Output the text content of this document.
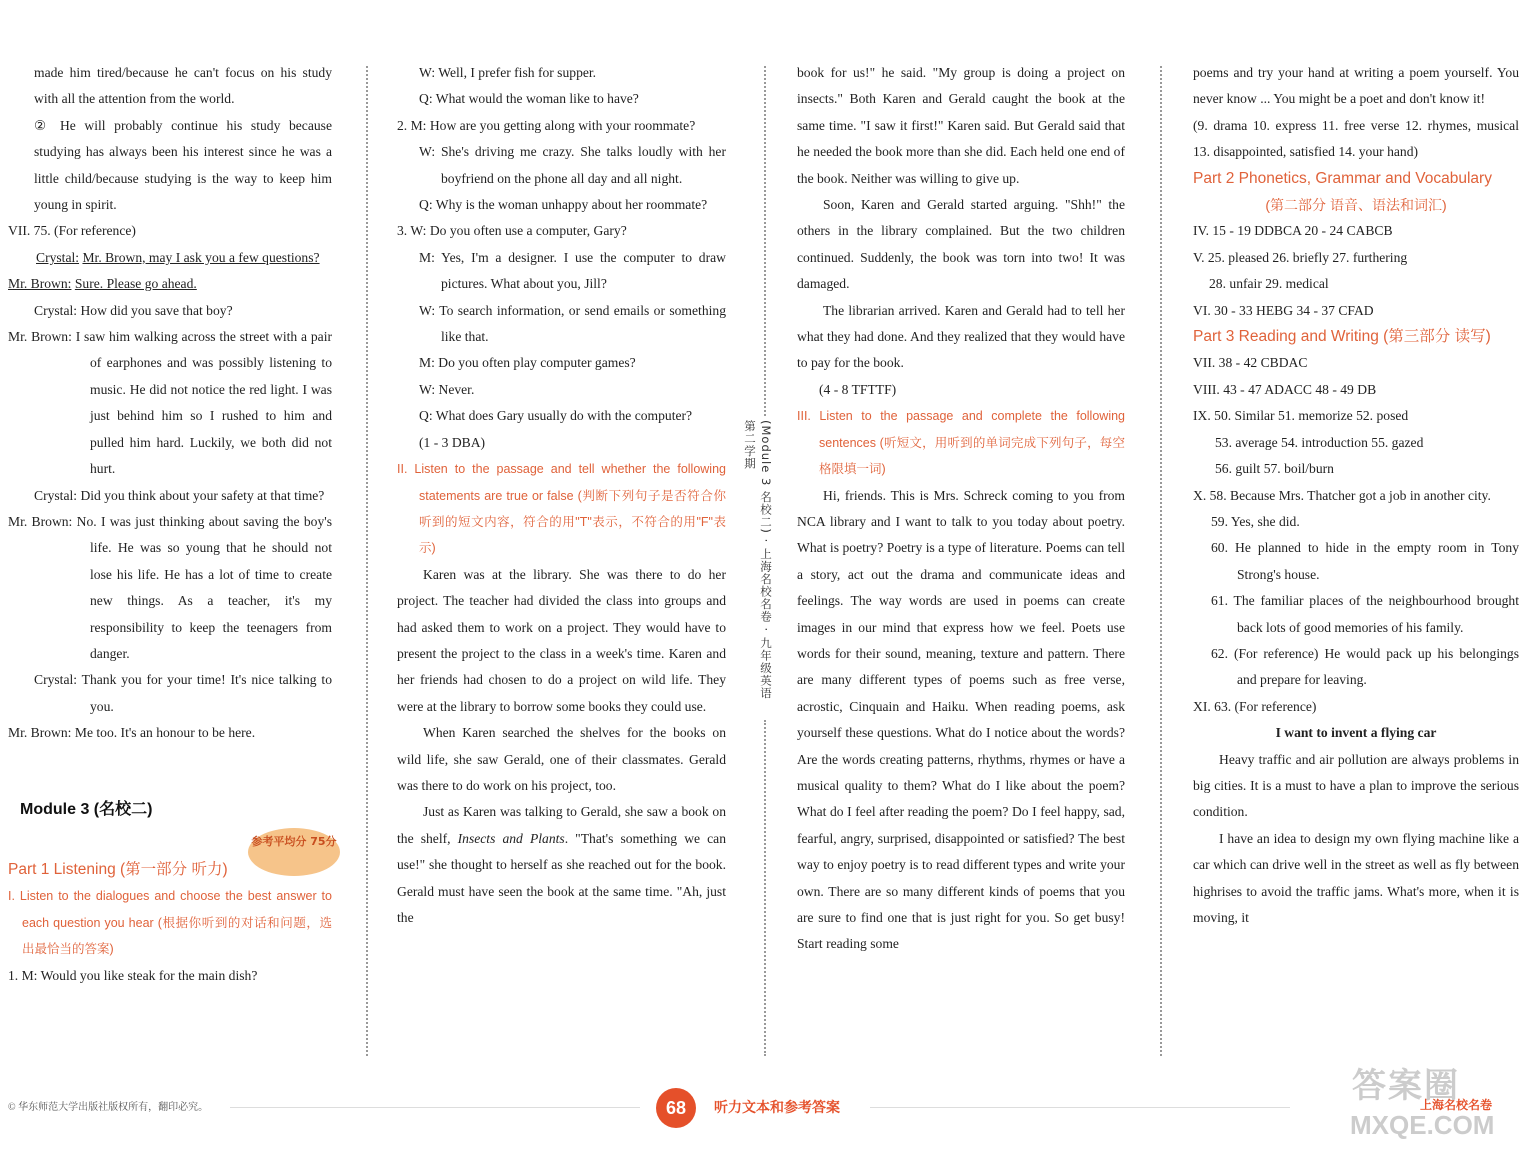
made him tired/because he can't focus on his study with all the attention from the world.

② He will probably continue his study because studying has always been his interest since he was a little child/because studying is the way to keep him young in spirit.

VII. 75. (For reference)

Crystal: Mr. Brown, may I ask you a few questions?

Mr. Brown: Sure. Please go ahead.

Crystal: How did you save that boy?

Mr. Brown: I saw him walking across the street with a pair of earphones and was possibly listening to music. He did not notice the red light. I was just behind him so I rushed to him and pulled him hard. Luckily, we both did not hurt.

Crystal: Did you think about your safety at that time?

Mr. Brown: No. I was just thinking about saving the boy's life. He was so young that he should not lose his life. He has a lot of time to create new things. As a teacher, it's my responsibility to keep the teenagers from danger.

Crystal: Thank you for your time! It's nice talking to you.

Mr. Brown: Me too. It's an honour to be here.

Module 3 (名校二)

Part 1 Listening (第一部分 听力)

I. Listen to the dialogues and choose the best answer to each question you hear (根据你听到的对话和问题，选出最恰当的答案)

1. M: Would you like steak for the main dish?

参考平均分 75分

W: Well, I prefer fish for supper.

Q: What would the woman like to have?

2. M: How are you getting along with your roommate?

W: She's driving me crazy. She talks loudly with her boyfriend on the phone all day and all night.

Q: Why is the woman unhappy about her roommate?

3. W: Do you often use a computer, Gary?

M: Yes, I'm a designer. I use the computer to draw pictures. What about you, Jill?

W: To search information, or send emails or something like that.

M: Do you often play computer games?

W: Never.

Q: What does Gary usually do with the computer?

(1 - 3 DBA)

II. Listen to the passage and tell whether the following statements are true or false (判断下列句子是否符合你听到的短文内容，符合的用"T"表示，不符合的用"F"表示)

Karen was at the library. She was there to do her project. The teacher had divided the class into groups and had asked them to work on a project. They would have to present the project to the class in a week's time. Karen and her friends had chosen to do a project on wild life. They were at the library to borrow some books they could use.

When Karen searched the shelves for the books on wild life, she saw Gerald, one of their classmates. Gerald was there to do work on his project, too.

Just as Karen was talking to Gerald, she saw a book on the shelf, Insects and Plants. "That's something we can use!" she thought to herself as she reached out for the book. Gerald must have seen the book at the same time. "Ah, just the

(Module 3 名校二) · 上海名校名卷 · 九年级英语 第二学期

book for us!" he said. "My group is doing a project on insects." Both Karen and Gerald caught the book at the same time. "I saw it first!" Karen said. But Gerald said that he needed the book more than she did. Each held one end of the book. Neither was willing to give up.

Soon, Karen and Gerald started arguing. "Shh!" the others in the library complained. But the two children continued. Suddenly, the book was torn into two! It was damaged.

The librarian arrived. Karen and Gerald had to tell her what they had done. And they realized that they would have to pay for the book.

(4 - 8 TFTTF)

III. Listen to the passage and complete the following sentences (听短文，用听到的单词完成下列句子，每空格限填一词)

Hi, friends. This is Mrs. Schreck coming to you from NCA library and I want to talk to you today about poetry. What is poetry? Poetry is a type of literature. Poems can tell a story, act out the drama and communicate ideas and feelings. The way words are used in poems can create images in our mind that express how we feel. Poets use words for their sound, meaning, texture and pattern. There are many different types of poems such as free verse, acrostic, Cinquain and Haiku. When reading poems, ask yourself these questions. What do I notice about the words? Are the words creating patterns, rhythms, rhymes or have a musical quality to them? What do I like about the poem? What do I feel after reading the poem? Do I feel happy, sad, fearful, angry, surprised, disappointed or satisfied? The best way to enjoy poetry is to read different types and write your own. There are so many different kinds of poems that you are sure to find one that is just right for you. So get busy! Start reading some

poems and try your hand at writing a poem yourself. You never know ... You might be a poet and don't know it!

(9. drama 10. express 11. free verse 12. rhymes, musical 13. disappointed, satisfied 14. your hand)

Part 2 Phonetics, Grammar and Vocabulary

(第二部分 语音、语法和词汇)

IV. 15 - 19 DDBCA 20 - 24 CABCB

V. 25. pleased 26. briefly 27. furthering

28. unfair 29. medical

VI. 30 - 33 HEBG 34 - 37 CFAD

Part 3 Reading and Writing (第三部分 读写)

VII. 38 - 42 CBDAC

VIII. 43 - 47 ADACC 48 - 49 DB

IX. 50. Similar 51. memorize 52. posed

53. average 54. introduction 55. gazed

56. guilt 57. boil/burn

X. 58. Because Mrs. Thatcher got a job in another city.

59. Yes, she did.

60. He planned to hide in the empty room in Tony Strong's house.

61. The familiar places of the neighbourhood brought back lots of good memories of his family.

62. (For reference) He would pack up his belongings and prepare for leaving.

XI. 63. (For reference)

I want to invent a flying car

Heavy traffic and air pollution are always problems in big cities. It is a must to have a plan to improve the serious condition.

I have an idea to design my own flying machine like a car which can drive well in the street as well as fly between highrises to avoid the traffic jams. What's more, when it is moving, it

© 华东师范大学出版社版权所有，翻印必究。	68	听力文本和参考答案	上海名校名卷
答案圈
MXQE.COM
